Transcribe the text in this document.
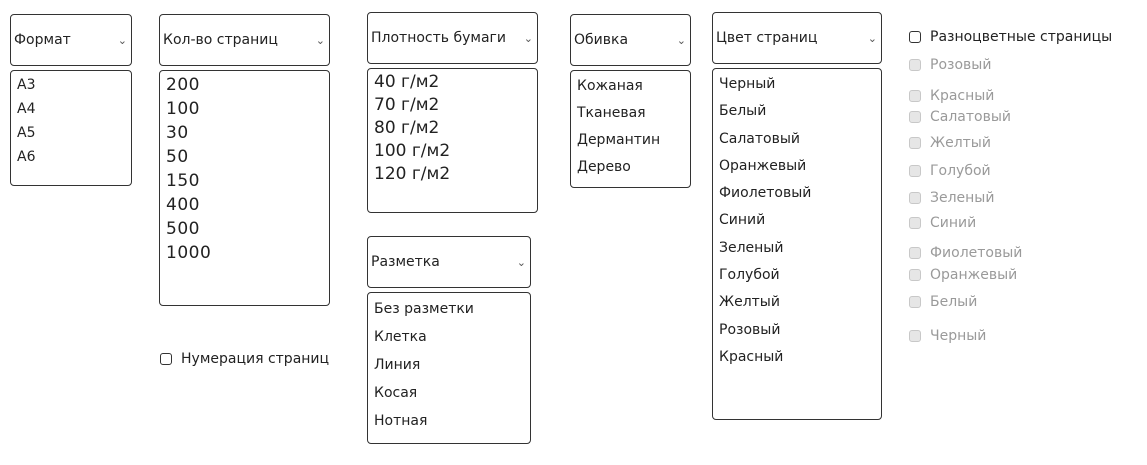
Формат	⌄
A3
A4
A5
A6
Кол-во страниц	⌄
200
100
30
50
150
400
500
1000
Нумерация страниц
Плотность бумаги ⌄
40 г/м2
70 г/м2
80 г/м2
100 г/м2
120 г/м2
Разметка	⌄
Без разметки
Клетка
Линия
Косая
Нотная
Обивка	⌄
Кожаная
Тканевая
Дермантин
Дерево
Цвет страниц	⌄
Черный
Белый
Салатовый
Оранжевый
Фиолетовый
Синий
Зеленый
Голубой
Желтый
Розовый
Красный
Разноцветные страницы
Розовый
Красный
Салатовый
Желтый
Голубой
Зеленый
Синий
Фиолетовый
Оранжевый
Белый
Черный
